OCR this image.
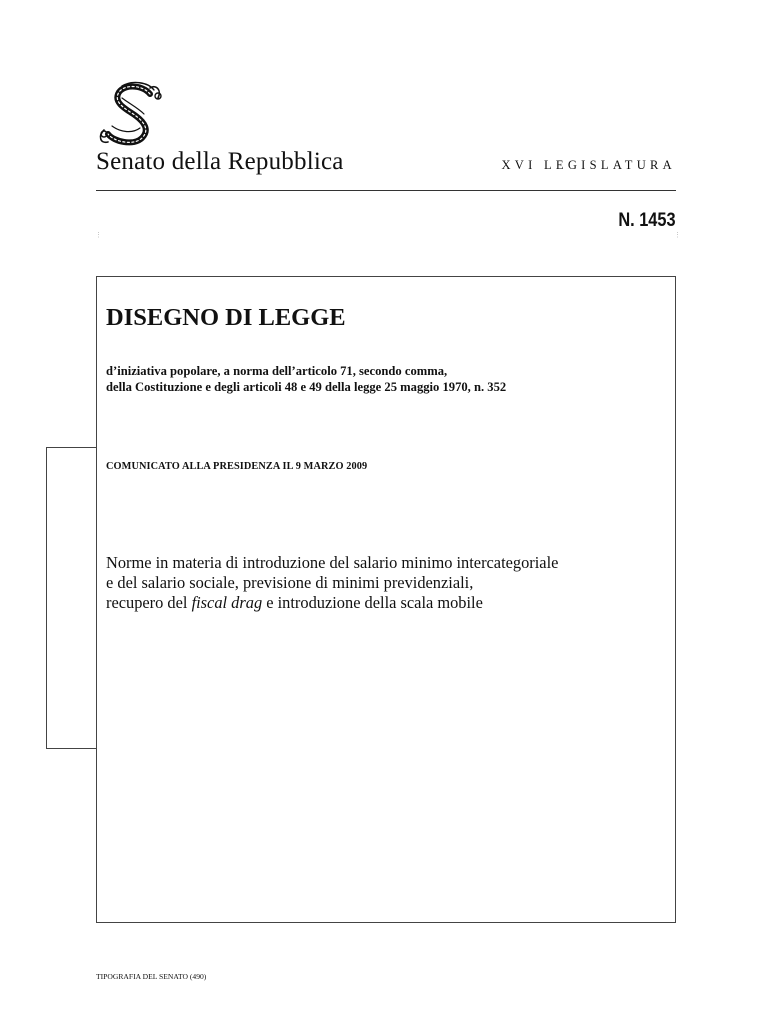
Senato della Repubblica	XVI LEGISLATURA
N. 1453
⋮	⋮
DISEGNO DI LEGGE
d’iniziativa popolare, a norma dell’articolo 71, secondo comma,
della Costituzione e degli articoli 48 e 49 della legge 25 maggio 1970, n. 352
COMUNICATO ALLA PRESIDENZA IL 9 MARZO 2009
Norme in materia di introduzione del salario minimo intercategoriale
e del salario sociale, previsione di minimi previdenziali,
recupero del fiscal drag e introduzione della scala mobile
TIPOGRAFIA DEL SENATO (490)
